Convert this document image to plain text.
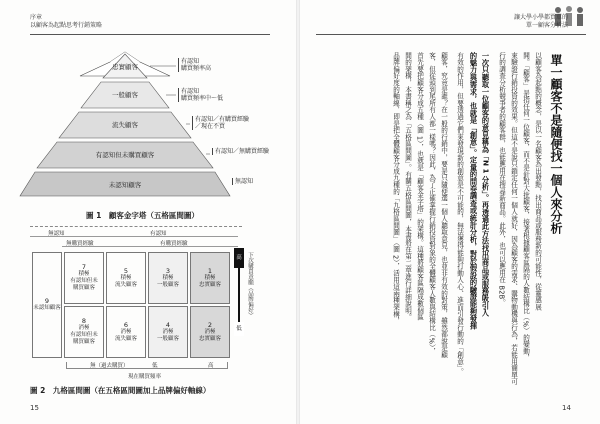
序章
以顧客為起點思考行銷策略
忠實顧客
一般顧客
流失顧客
有認知但未購買顧客
未認知顧客
有認知
購買頻率高
有認知
購買頻率中～低
有認知／有購買經驗
／現在不買
有認知／無購買經驗
無認知
圖 1　顧客金字塔（五格區間圖）
無認知	有認知
無購買經驗	有購買經驗
9
未認知顧客
7
積極
有認知但未
購買顧客
5
積極
流失顧客
3
積極
一般顧客
1
積極
忠實顧客
8
消極
有認知但未
購買顧客
6
消極
流失顧客
4
消極
一般顧客
2
消極
忠實顧客
高
低
下次購買意願（品牌偏好）
無（過去購買）	低	高
現在購買頻率
圖 2　九格區間圖（在五格區間圖加上品牌偏好軸線）
15
讓大學小學都買單的
單一顧客分析法
單一顧客不是隨便找一個人來分析
以顧客為起點的概念，是以一名顧客為出發點，找出商品或服務新的可能性，從靈感展
開。「顧客」是指任何一位顧客，而不是針對大批顧客，接著根據顧客區隔的人數結構比（%）的變動，
來驗證行銷投資的效果。但這不是說只鎖定任何一個人就好，因為顧客的需求、購物動機與行為，若能用簡單可
行的調查分析競爭者的顧客群，也能應用在搜尋新商品。此外，也可以應用在 B2B。
一次只聽取一位顧客的意見稱為「N 1 分析」。再透過此方法找出商品或服務吸引人
的魅力與需求，也就是「創意」。定量的問卷調查或統計分析，對於假設的驗證能夠發揮
有效的作用，但要透過它們來發現新的創意是不可能的，無法獲得能夠打動人心、進而引發行動的「創意」。
顧客，究竟是誰？在一般的行銷中，要是只隨便選一個人聽取意見，也並非有效的對策，雖然都說是顧
客，但從頭到尾所有人都一樣嗎？因此，為了正確掌握行銷投資對象的全體顧客人數與結構比（%），
首先要把顧客分成五種（圖 1），也就是「顧客金字塔」的架構。這種將顧客區隔成數個區
間的架構，本書稱之為「五格區間圖」。有關五格區間圖，本書將在第二章進行詳細說明。
品牌偏好度的軸線，即是把全體顧客分成九種的「九格區間圖」（圖 2），活用這兩種架構，
14
